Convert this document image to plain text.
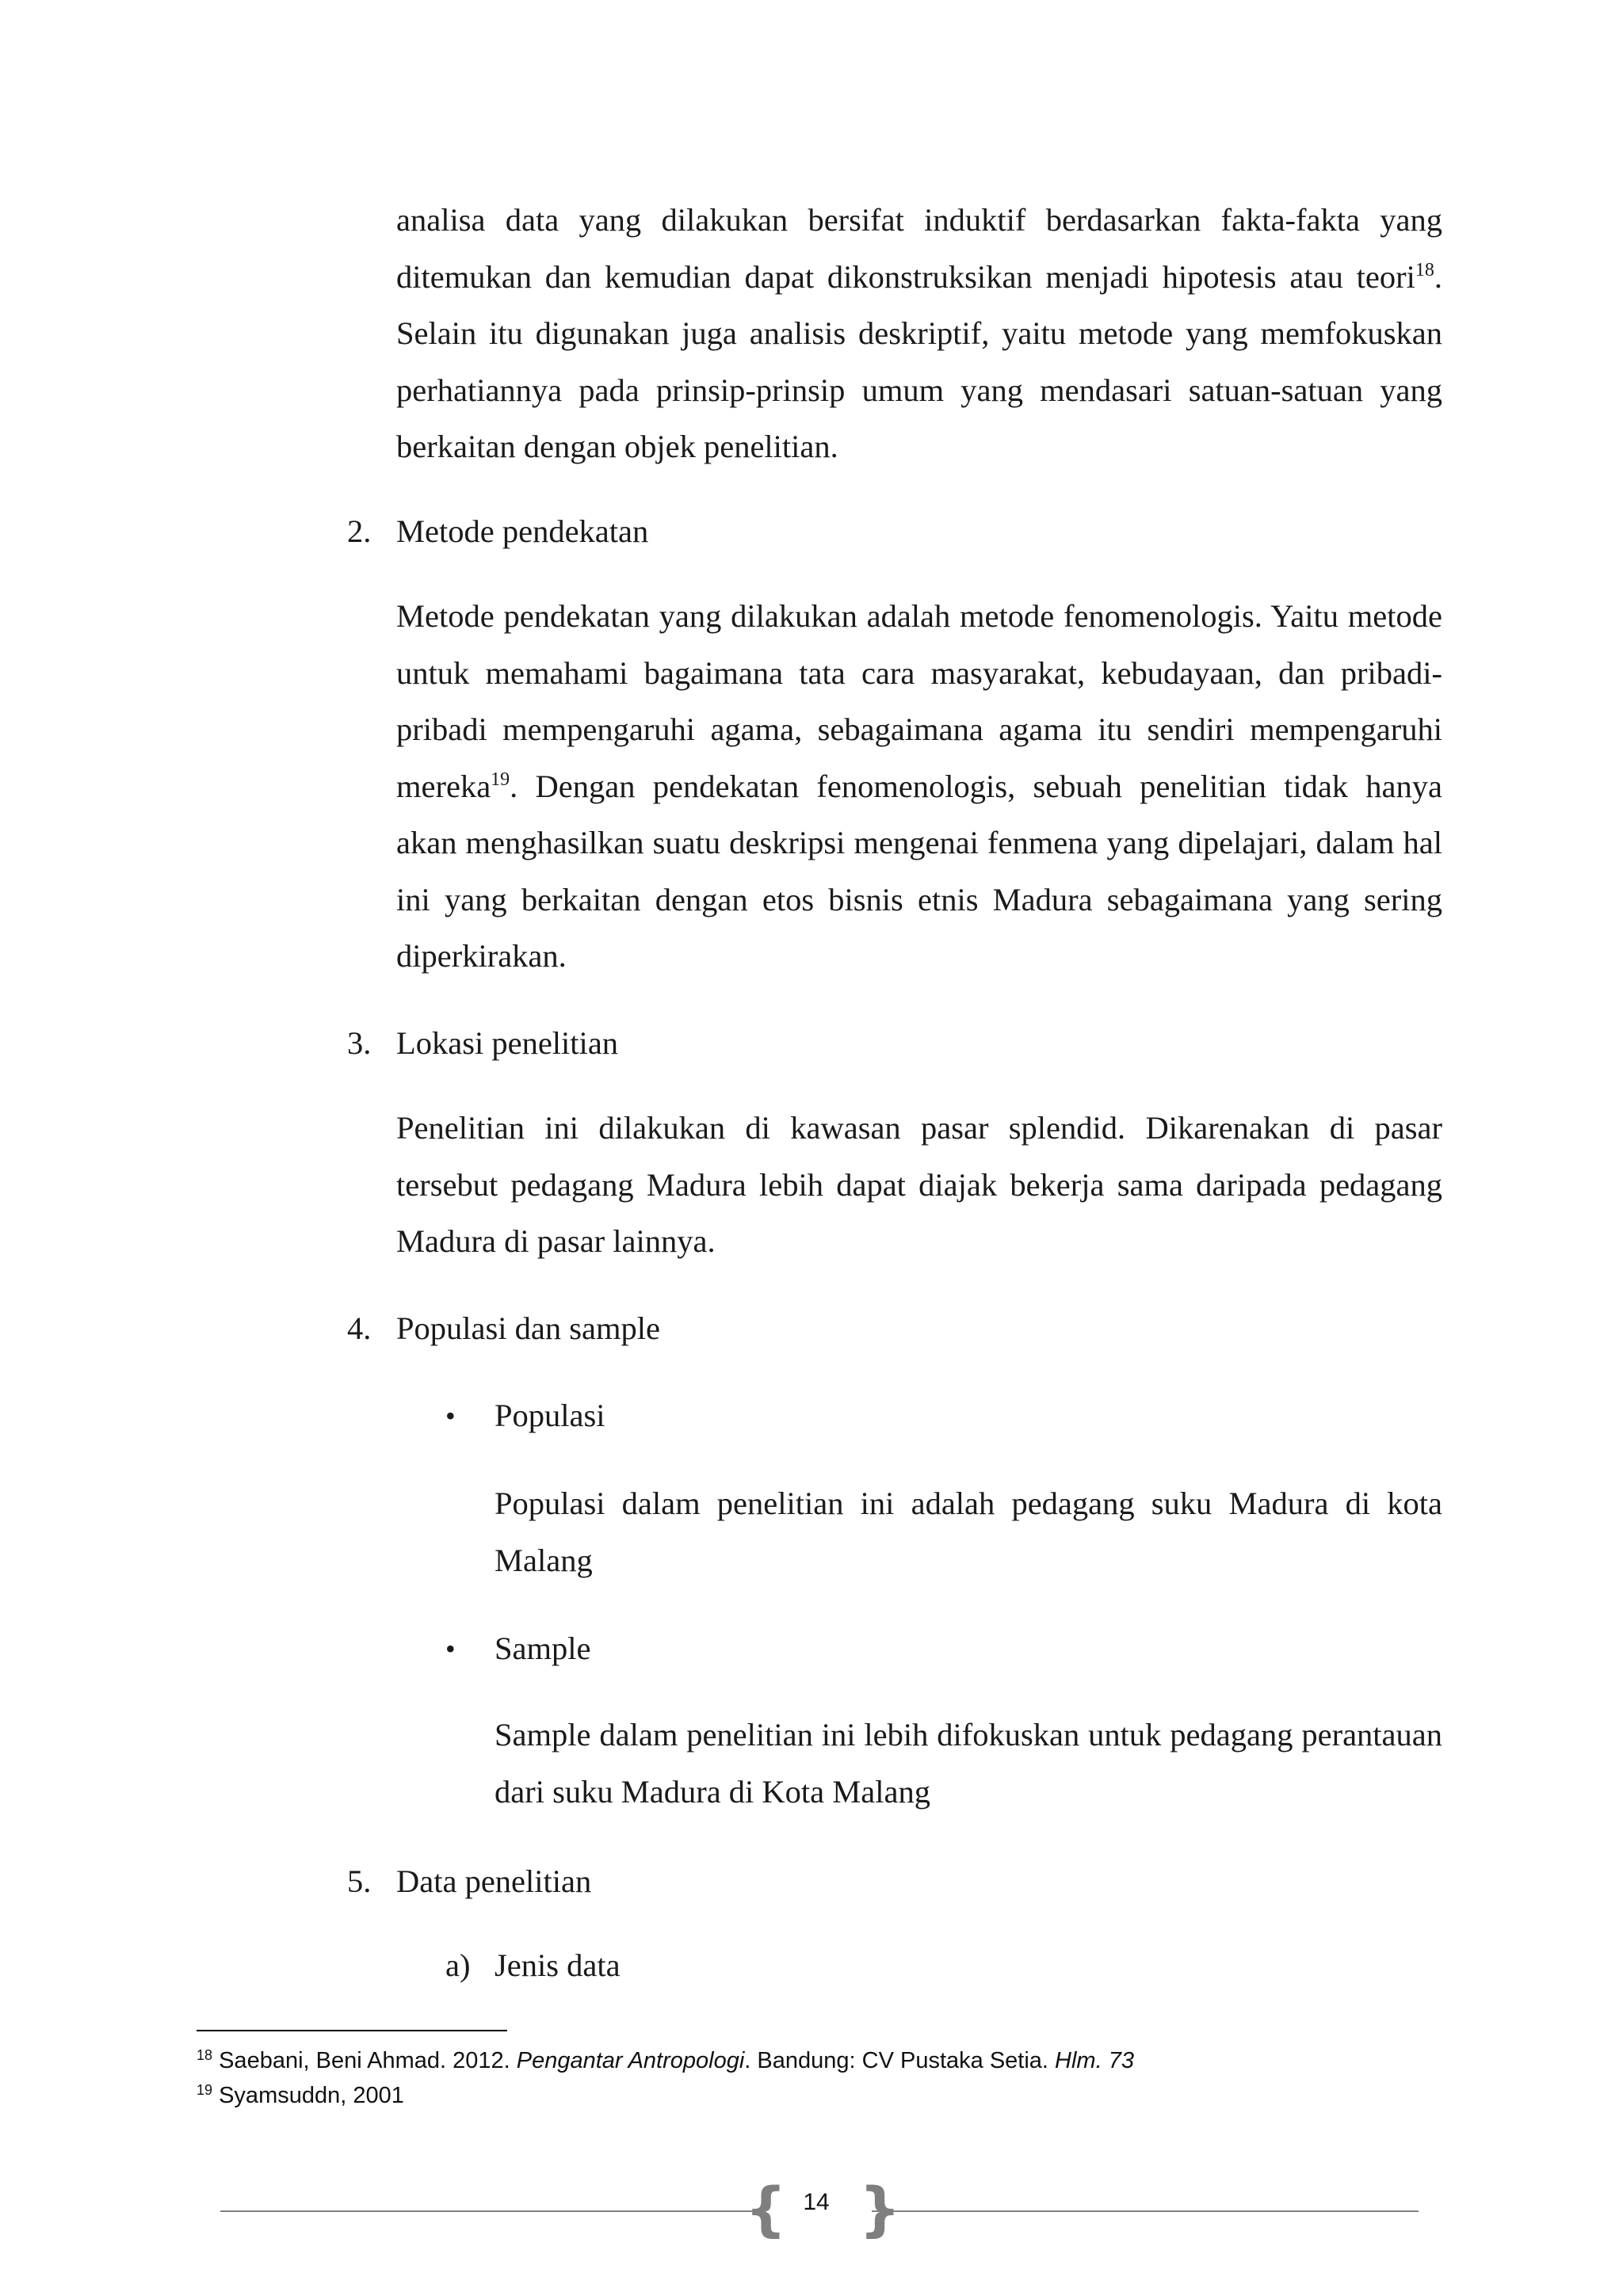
analisa data yang dilakukan bersifat induktif berdasarkan fakta-fakta yang ditemukan dan kemudian dapat dikonstruksikan menjadi hipotesis atau teori$^{18}$. Selain itu digunakan juga analisis deskriptif, yaitu metode yang memfokuskan perhatiannya pada prinsip-prinsip umum yang mendasari satuan-satuan yang berkaitan dengan objek penelitian.

2. Metode pendekatan

Metode pendekatan yang dilakukan adalah metode fenomenologis. Yaitu metode untuk memahami bagaimana tata cara masyarakat, kebudayaan, dan pribadi-pribadi mempengaruhi agama, sebagaimana agama itu sendiri mempengaruhi mereka$^{19}$. Dengan pendekatan fenomenologis, sebuah penelitian tidak hanya akan menghasilkan suatu deskripsi mengenai fenmena yang dipelajari, dalam hal ini yang berkaitan dengan etos bisnis etnis Madura sebagaimana yang sering diperkirakan.

3. Lokasi penelitian

Penelitian ini dilakukan di kawasan pasar splendid. Dikarenakan di pasar tersebut pedagang Madura lebih dapat diajak bekerja sama daripada pedagang Madura di pasar lainnya.

4. Populasi dan sample
• Populasi

Populasi dalam penelitian ini adalah pedagang suku Madura di kota Malang

• Sample

Sample dalam penelitian ini lebih difokuskan untuk pedagang perantauan dari suku Madura di Kota Malang

5. Data penelitian
a) Jenis data
$^{18}$ Saebani, Beni Ahmad. 2012. Pengantar Antropologi. Bandung: CV Pustaka Setia. Hlm. 73
$^{19}$ Syamsuddn, 2001
{ 14 }
